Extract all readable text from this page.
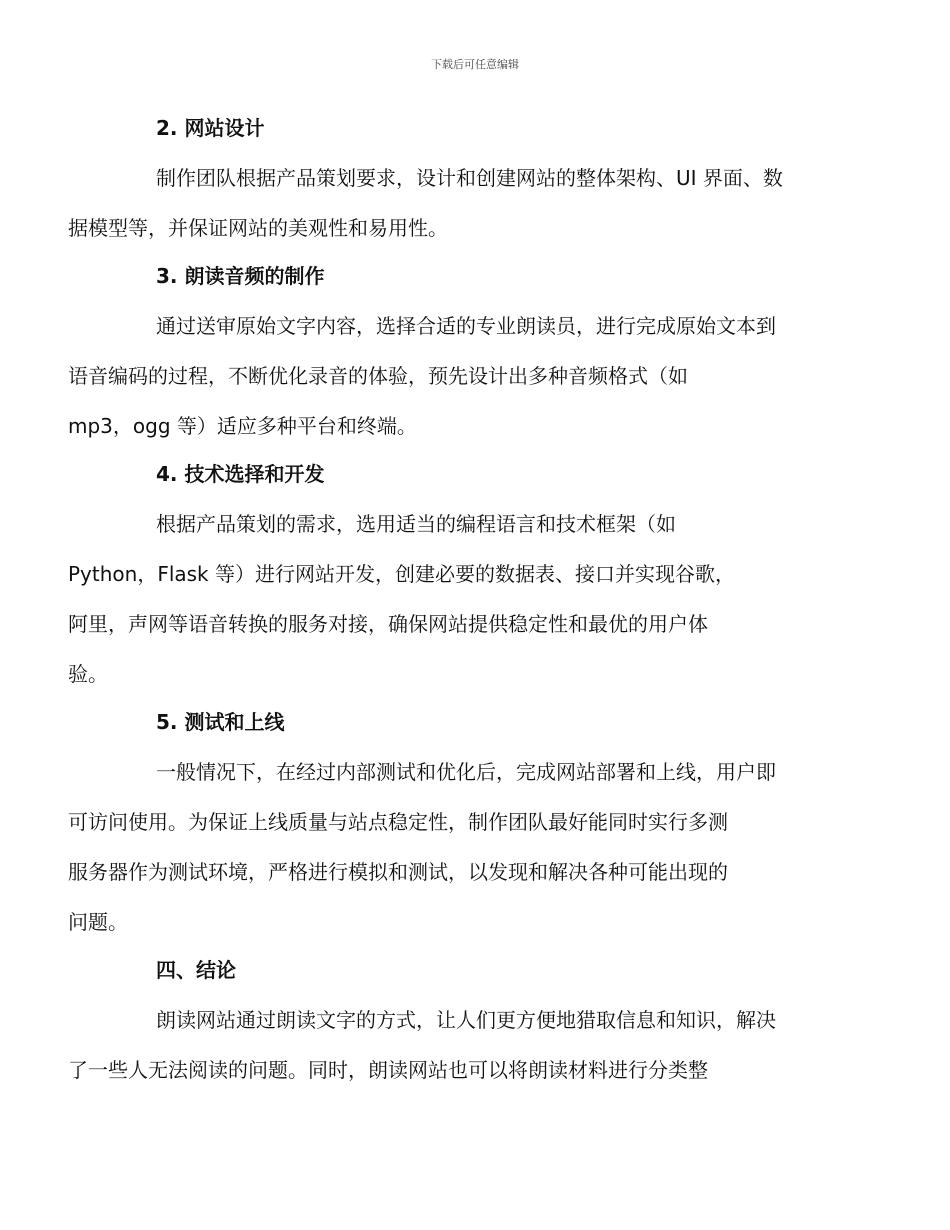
下载后可任意编辑
2. 网站设计
制作团队根据产品策划要求，设计和创建网站的整体架构、UI 界面、数
据模型等，并保证网站的美观性和易用性。
3. 朗读音频的制作
通过送审原始文字内容，选择合适的专业朗读员，进行完成原始文本到
语音编码的过程，不断优化录音的体验，预先设计出多种音频格式（如
mp3，ogg 等）适应多种平台和终端。
4. 技术选择和开发
根据产品策划的需求，选用适当的编程语言和技术框架（如
Python，Flask 等）进行网站开发，创建必要的数据表、接口并实现谷歌，
阿里，声网等语音转换的服务对接，确保网站提供稳定性和最优的用户体
验。
5. 测试和上线
一般情况下，在经过内部测试和优化后，完成网站部署和上线，用户即
可访问使用。为保证上线质量与站点稳定性，制作团队最好能同时实行多测
服务器作为测试环境，严格进行模拟和测试，以发现和解决各种可能出现的
问题。
四、结论
朗读网站通过朗读文字的方式，让人们更方便地猎取信息和知识，解决
了一些人无法阅读的问题。同时，朗读网站也可以将朗读材料进行分类整
